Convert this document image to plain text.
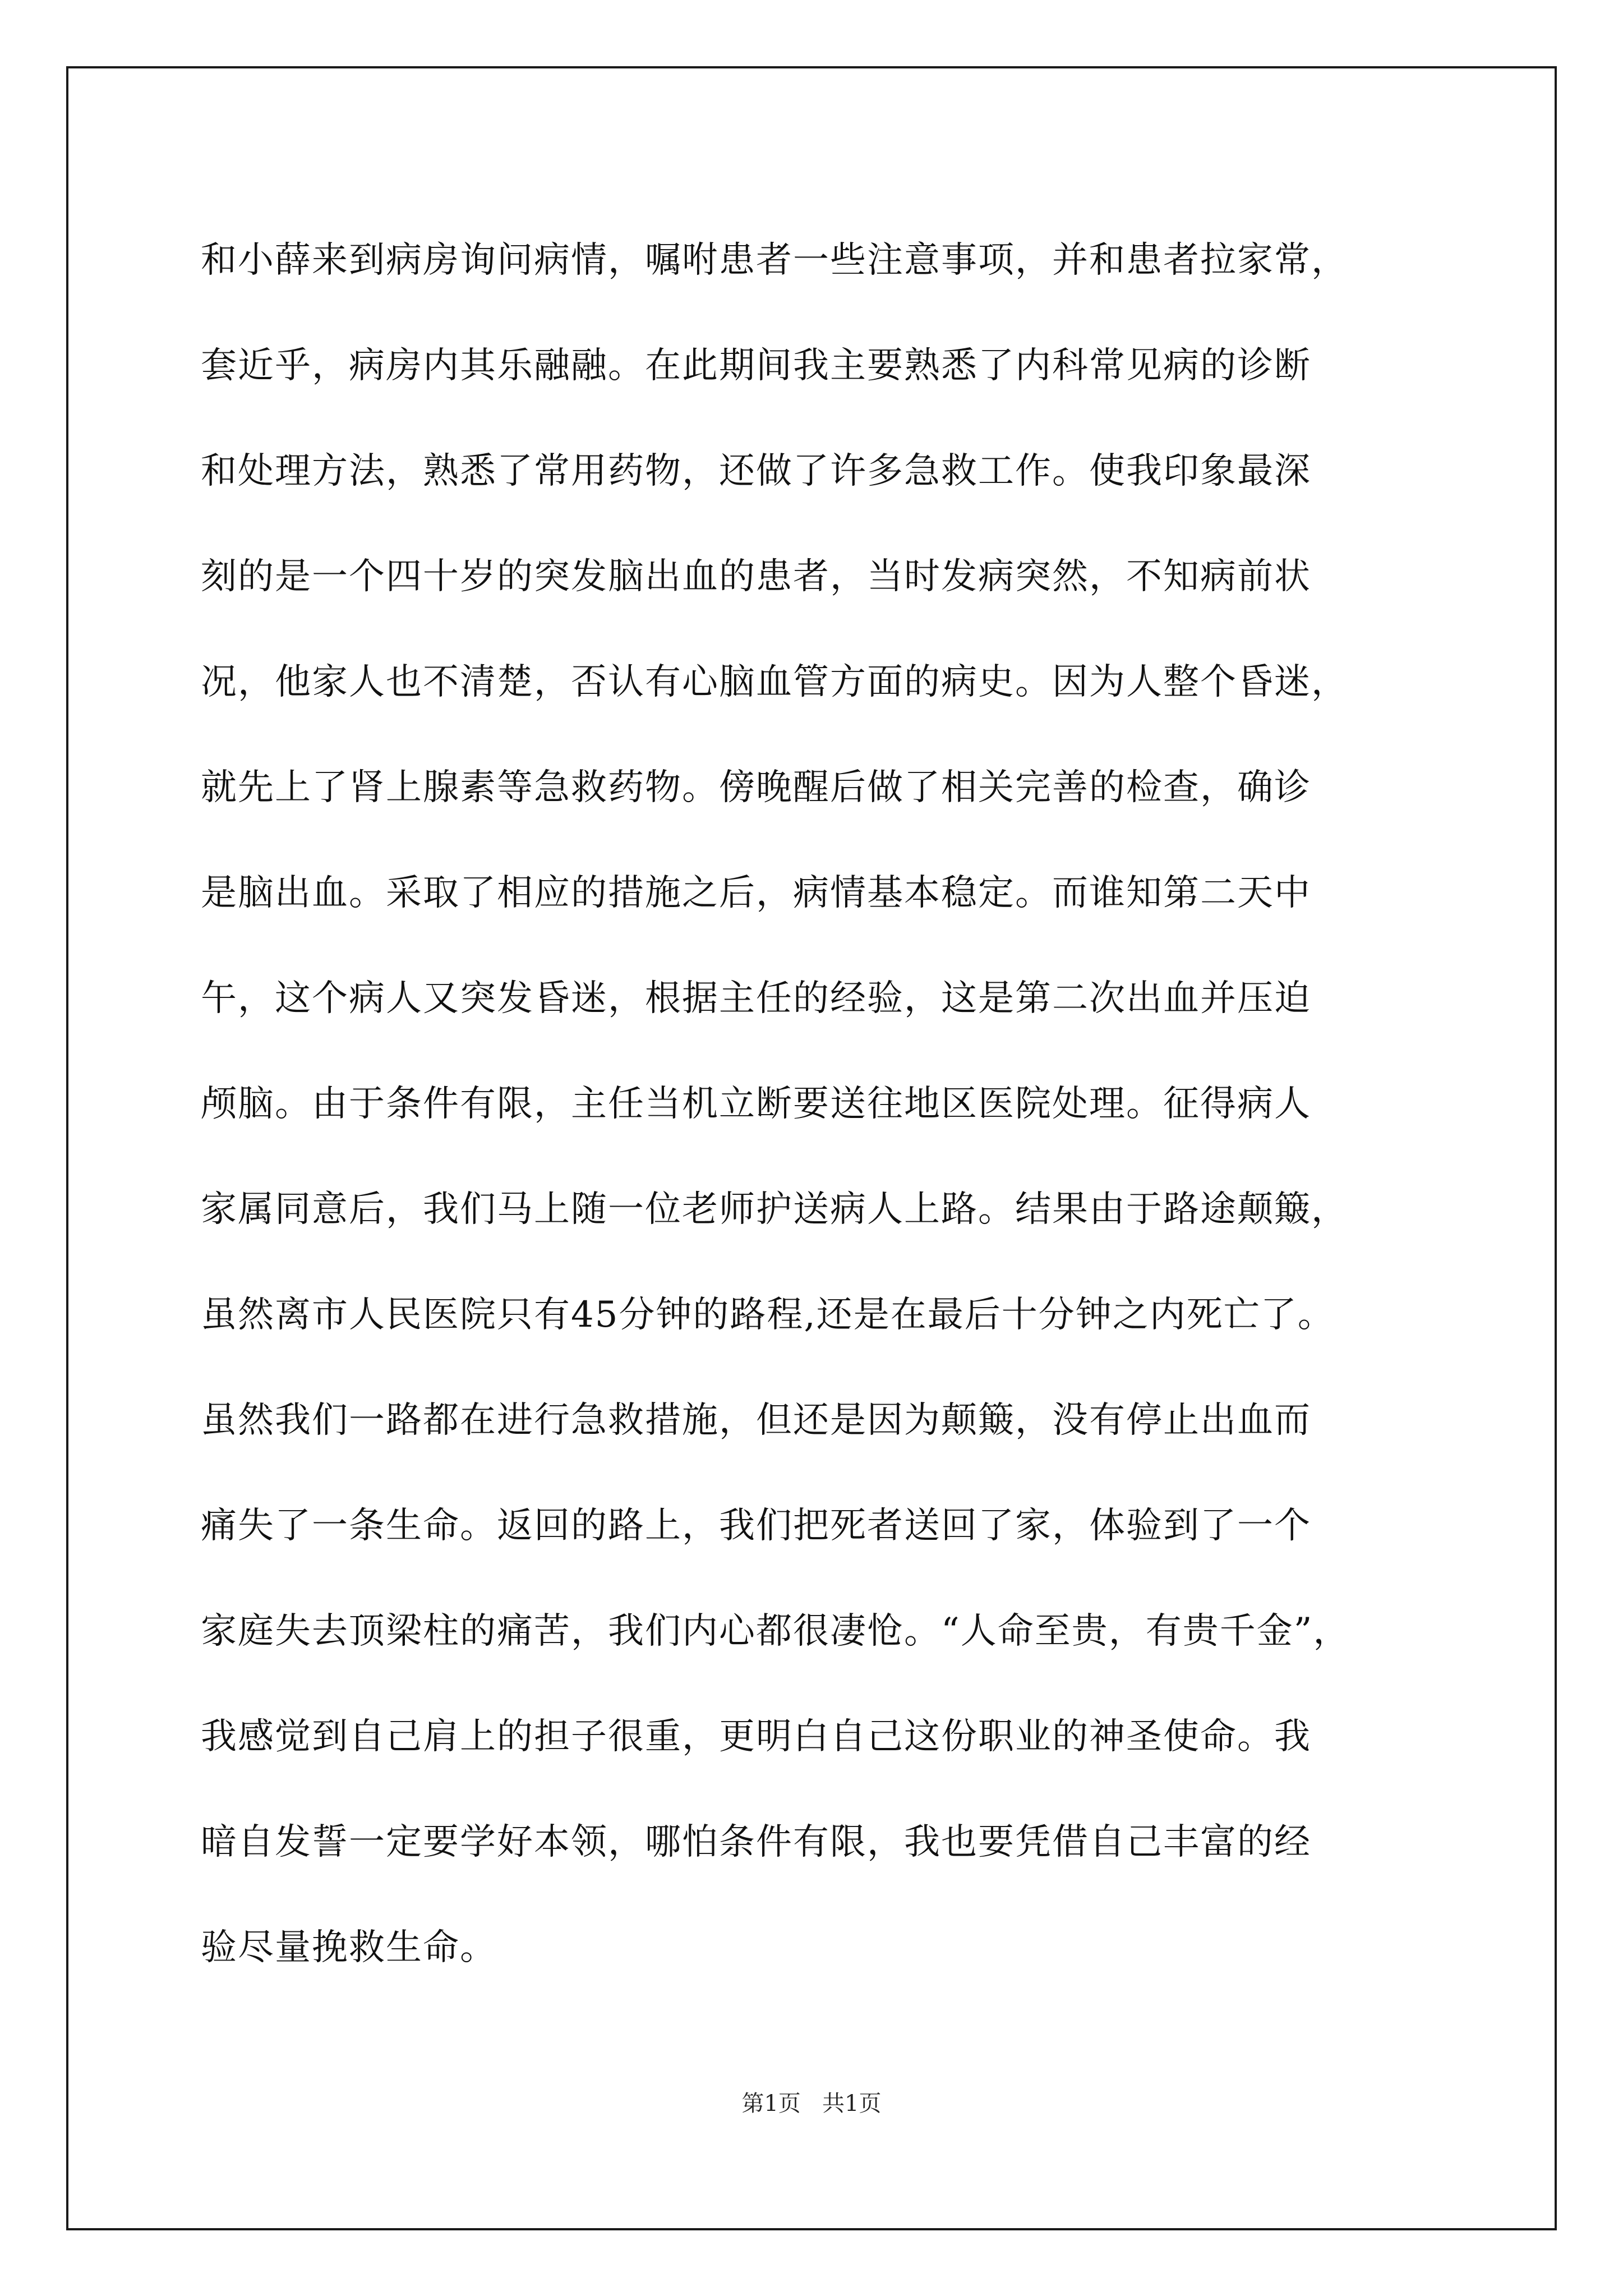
和小薛来到病房询问病情，嘱咐患者一些注意事项，并和患者拉家常，
套近乎，病房内其乐融融。在此期间我主要熟悉了内科常见病的诊断
和处理方法，熟悉了常用药物，还做了许多急救工作。使我印象最深
刻的是一个四十岁的突发脑出血的患者，当时发病突然，不知病前状
况，他家人也不清楚，否认有心脑血管方面的病史。因为人整个昏迷，
就先上了肾上腺素等急救药物。傍晚醒后做了相关完善的检查，确诊
是脑出血。采取了相应的措施之后，病情基本稳定。而谁知第二天中
午，这个病人又突发昏迷，根据主任的经验，这是第二次出血并压迫
颅脑。由于条件有限，主任当机立断要送往地区医院处理。征得病人
家属同意后，我们马上随一位老师护送病人上路。结果由于路途颠簸，
虽然离市人民医院只有45分钟的路程,还是在最后十分钟之内死亡了。
虽然我们一路都在进行急救措施，但还是因为颠簸，没有停止出血而
痛失了一条生命。返回的路上，我们把死者送回了家，体验到了一个
家庭失去顶梁柱的痛苦，我们内心都很凄怆。“人命至贵，有贵千金”，
我感觉到自己肩上的担子很重，更明白自己这份职业的神圣使命。我
暗自发誓一定要学好本领，哪怕条件有限，我也要凭借自己丰富的经
验尽量挽救生命。
第1页   共1页
